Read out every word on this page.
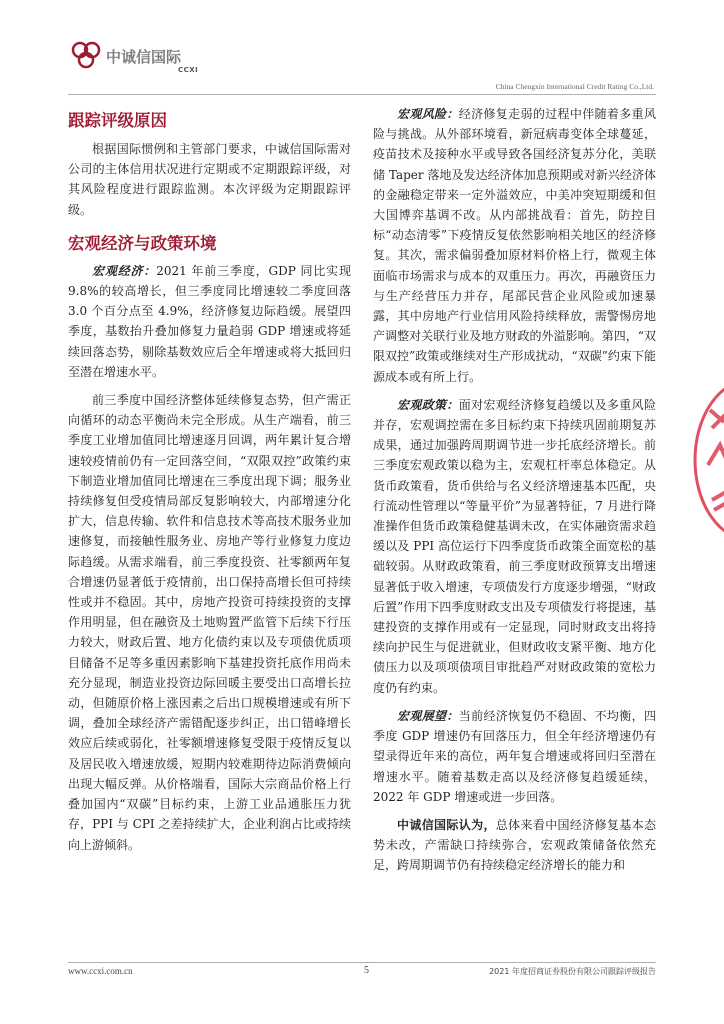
中诚信国际
CCXI
China Chengxin International Credit Rating Co.,Ltd.
跟踪评级原因

根据国际惯例和主管部门要求，中诚信国际需对公司的主体信用状况进行定期或不定期跟踪评级，对其风险程度进行跟踪监测。本次评级为定期跟踪评级。

宏观经济与政策环境

宏观经济：2021 年前三季度，GDP 同比实现 9.8%的较高增长，但三季度同比增速较二季度回落 3.0 个百分点至 4.9%，经济修复边际趋缓。展望四季度，基数抬升叠加修复力量趋弱 GDP 增速或将延续回落态势，剔除基数效应后全年增速或将大抵回归至潜在增速水平。

前三季度中国经济整体延续修复态势，但产需正向循环的动态平衡尚未完全形成。从生产端看，前三季度工业增加值同比增速逐月回调，两年累计复合增速较疫情前仍有一定回落空间，“双限双控”政策约束下制造业增加值同比增速在三季度出现下调；服务业持续修复但受疫情局部反复影响较大，内部增速分化扩大，信息传输、软件和信息技术等高技术服务业加速修复，而接触性服务业、房地产等行业修复力度边际趋缓。从需求端看，前三季度投资、社零额两年复合增速仍显著低于疫情前，出口保持高增长但可持续性或并不稳固。其中，房地产投资可持续投资的支撑作用明显，但在融资及土地购置严监管下后续下行压力较大，财政后置、地方化债约束以及专项债优质项目储备不足等多重因素影响下基建投资托底作用尚未充分显现，制造业投资边际回暖主要受出口高增长拉动，但随原价格上涨因素之后出口规模增速或有所下调，叠加全球经济产需错配逐步纠正，出口错峰增长效应后续或弱化，社零额增速修复受限于疫情反复以及居民收入增速放缓，短期内较难期待边际消费倾向出现大幅反弹。从价格端看，国际大宗商品价格上行叠加国内“双碳”目标约束，上游工业品通胀压力犹存，PPI 与 CPI 之差持续扩大，企业利润占比或持续向上游倾斜。

宏观风险：经济修复走弱的过程中伴随着多重风险与挑战。从外部环境看，新冠病毒变体全球蔓延，疫苗技术及接种水平或导致各国经济复苏分化，美联储 Taper 落地及发达经济体加息预期或对新兴经济体的金融稳定带来一定外溢效应，中美冲突短期缓和但大国博弈基调不改。从内部挑战看：首先，防控目标“动态清零”下疫情反复依然影响相关地区的经济修复。其次，需求偏弱叠加原材料价格上行，微观主体面临市场需求与成本的双重压力。再次，再融资压力与生产经营压力并存，尾部民营企业风险或加速暴露，其中房地产行业信用风险持续释放，需警惕房地产调整对关联行业及地方财政的外溢影响。第四，“双限双控”政策或继续对生产形成扰动，“双碳”约束下能源成本或有所上行。

宏观政策：面对宏观经济修复趋缓以及多重风险并存，宏观调控需在多目标约束下持续巩固前期复苏成果，通过加强跨周期调节进一步托底经济增长。前三季度宏观政策以稳为主，宏观杠杆率总体稳定。从货币政策看，货币供给与名义经济增速基本匹配，央行流动性管理以“等量平价”为显著特征，7 月进行降准操作但货币政策稳健基调未改，在实体融资需求趋缓以及 PPI 高位运行下四季度货币政策全面宽松的基础较弱。从财政政策看，前三季度财政预算支出增速显著低于收入增速，专项债发行方度逐步增强，“财政后置”作用下四季度财政支出及专项债发行将提速，基建投资的支撑作用或有一定显现，同时财政支出将持续向护民生与促进就业，但财政收支紧平衡、地方化债压力以及项项债项目审批趋严对财政政策的宽松力度仍有约束。

宏观展望：当前经济恢复仍不稳固、不均衡，四季度 GDP 增速仍有回落压力，但全年经济增速仍有望录得近年来的高位，两年复合增速或将回归至潜在增速水平。随着基数走高以及经济修复趋缓延续，2022 年 GDP 增速或进一步回落。

中诚信国际认为，总体来看中国经济修复基本态势未改，产需缺口持续弥合，宏观政策储备依然充足，跨周期调节仍有持续稳定经济增长的能力和

www.ccxi.com.cn	5	2021 年度招商证券股份有限公司跟踪评级报告
